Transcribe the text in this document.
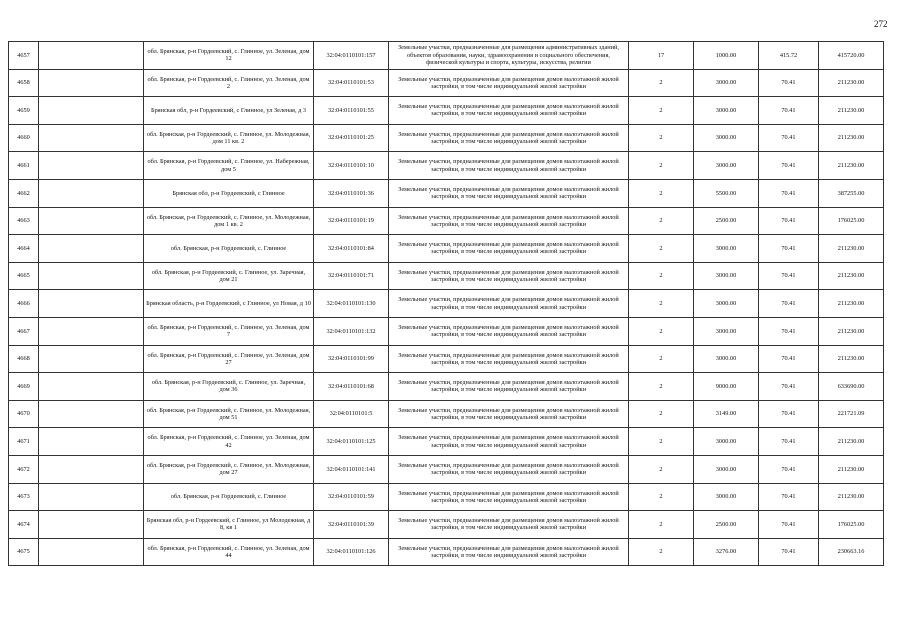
272
4657		обл. Брянская, р-н Гордеевский, с. Глинное, ул. Зеленая, дом 12	32:04:0110101:157	Земельные участки, предназначенные для размещения административных зданий, объектов образования, науки, здравоохранения и социального обеспечения, физической культуры и спорта, культуры, искусства, религии	17	1000.00	415.72	415720.00
4658		обл. Брянская, р-н Гордеевский, с. Глинное, ул. Зеленая, дом 2	32:04:0110101:53	Земельные участки, предназначенные для размещения домов малоэтажной жилой застройки, в том числе индивидуальной жилой застройки	2	3000.00	70.41	211230.00
4659		Брянская обл, р-н Гордеевский, с Глинное, ул Зеленая, д 3	32:04:0110101:55	Земельные участки, предназначенные для размещения домов малоэтажной жилой застройки, в том числе индивидуальной жилой застройки	2	3000.00	70.41	211230.00
4660		обл. Брянская, р-н Гордеевский, с. Глинное, ул. Молодежная, дом 11 кв. 2	32:04:0110101:25	Земельные участки, предназначенные для размещения домов малоэтажной жилой застройки, в том числе индивидуальной жилой застройки	2	3000.00	70.41	211230.00
4661		обл. Брянская, р-н Гордеевский, с. Глинное, ул. Набережная, дом 5	32:04:0110101:10	Земельные участки, предназначенные для размещения домов малоэтажной жилой застройки, в том числе индивидуальной жилой застройки	2	3000.00	70.41	211230.00
4662		Брянская обл, р-н Гордеевский, с Глинное	32:04:0110101:36	Земельные участки, предназначенные для размещения домов малоэтажной жилой застройки, в том числе индивидуальной жилой застройки	2	5500.00	70.41	387255.00
4663		обл. Брянская, р-н Гордеевский, с. Глинное, ул. Молодежная, дом 1 кв. 2	32:04:0110101:19	Земельные участки, предназначенные для размещения домов малоэтажной жилой застройки, в том числе индивидуальной жилой застройки	2	2500.00	70.41	176025.00
4664		обл. Брянская, р-н Гордеевский, с. Глинное	32:04:0110101:84	Земельные участки, предназначенные для размещения домов малоэтажной жилой застройки, в том числе индивидуальной жилой застройки	2	3000.00	70.41	211230.00
4665		обл. Брянская, р-н Гордеевский, с. Глинное, ул. Заречная, дом 21	32:04:0110101:71	Земельные участки, предназначенные для размещения домов малоэтажной жилой застройки, в том числе индивидуальной жилой застройки	2	3000.00	70.41	211230.00
4666		Брянская область, р-н Гордеевский, с Глинное, ул Новая, д 10	32:04:0110101:130	Земельные участки, предназначенные для размещения домов малоэтажной жилой застройки, в том числе индивидуальной жилой застройки	2	3000.00	70.41	211230.00
4667		обл. Брянская, р-н Гордеевский, с. Глинное, ул. Зеленая, дом 7	32:04:0110101:132	Земельные участки, предназначенные для размещения домов малоэтажной жилой застройки, в том числе индивидуальной жилой застройки	2	3000.00	70.41	211230.00
4668		обл. Брянская, р-н Гордеевский, с. Глинное, ул. Зеленая, дом 27	32:04:0110101:99	Земельные участки, предназначенные для размещения домов малоэтажной жилой застройки, в том числе индивидуальной жилой застройки	2	3000.00	70.41	211230.00
4669		обл. Брянская, р-н Гордеевский, с. Глинное, ул. Заречная, дом 36	32:04:0110101:68	Земельные участки, предназначенные для размещения домов малоэтажной жилой застройки, в том числе индивидуальной жилой застройки	2	9000.00	70.41	633690.00
4670		обл. Брянская, р-н Гордеевский, с. Глинное, ул. Молодежная, дом 51	32:04:0110101:5	Земельные участки, предназначенные для размещения домов малоэтажной жилой застройки, в том числе индивидуальной жилой застройки	2	3149.00	70.41	221721.09
4671		обл. Брянская, р-н Гордеевский, с. Глинное, ул. Зеленая, дом 42	32:04:0110101:125	Земельные участки, предназначенные для размещения домов малоэтажной жилой застройки, в том числе индивидуальной жилой застройки	2	3000.00	70.41	211230.00
4672		обл. Брянская, р-н Гордеевский, с. Глинное, ул. Молодежная, дом 27	32:04:0110101:141	Земельные участки, предназначенные для размещения домов малоэтажной жилой застройки, в том числе индивидуальной жилой застройки	2	3000.00	70.41	211230.00
4673		обл. Брянская, р-н Гордеевский, с. Глинное	32:04:0110101:59	Земельные участки, предназначенные для размещения домов малоэтажной жилой застройки, в том числе индивидуальной жилой застройки	2	3000.00	70.41	211230.00
4674		Брянская обл, р-н Гордеевский, с Глинное, ул Молодежная, д 8, кв 1	32:04:0110101:39	Земельные участки, предназначенные для размещения домов малоэтажной жилой застройки, в том числе индивидуальной жилой застройки	2	2500.00	70.41	176025.00
4675		обл. Брянская, р-н Гордеевский, с. Глинное, ул. Зеленая, дом 44	32:04:0110101:126	Земельные участки, предназначенные для размещения домов малоэтажной жилой застройки, в том числе индивидуальной жилой застройки	2	3276.00	70.41	230663.16
